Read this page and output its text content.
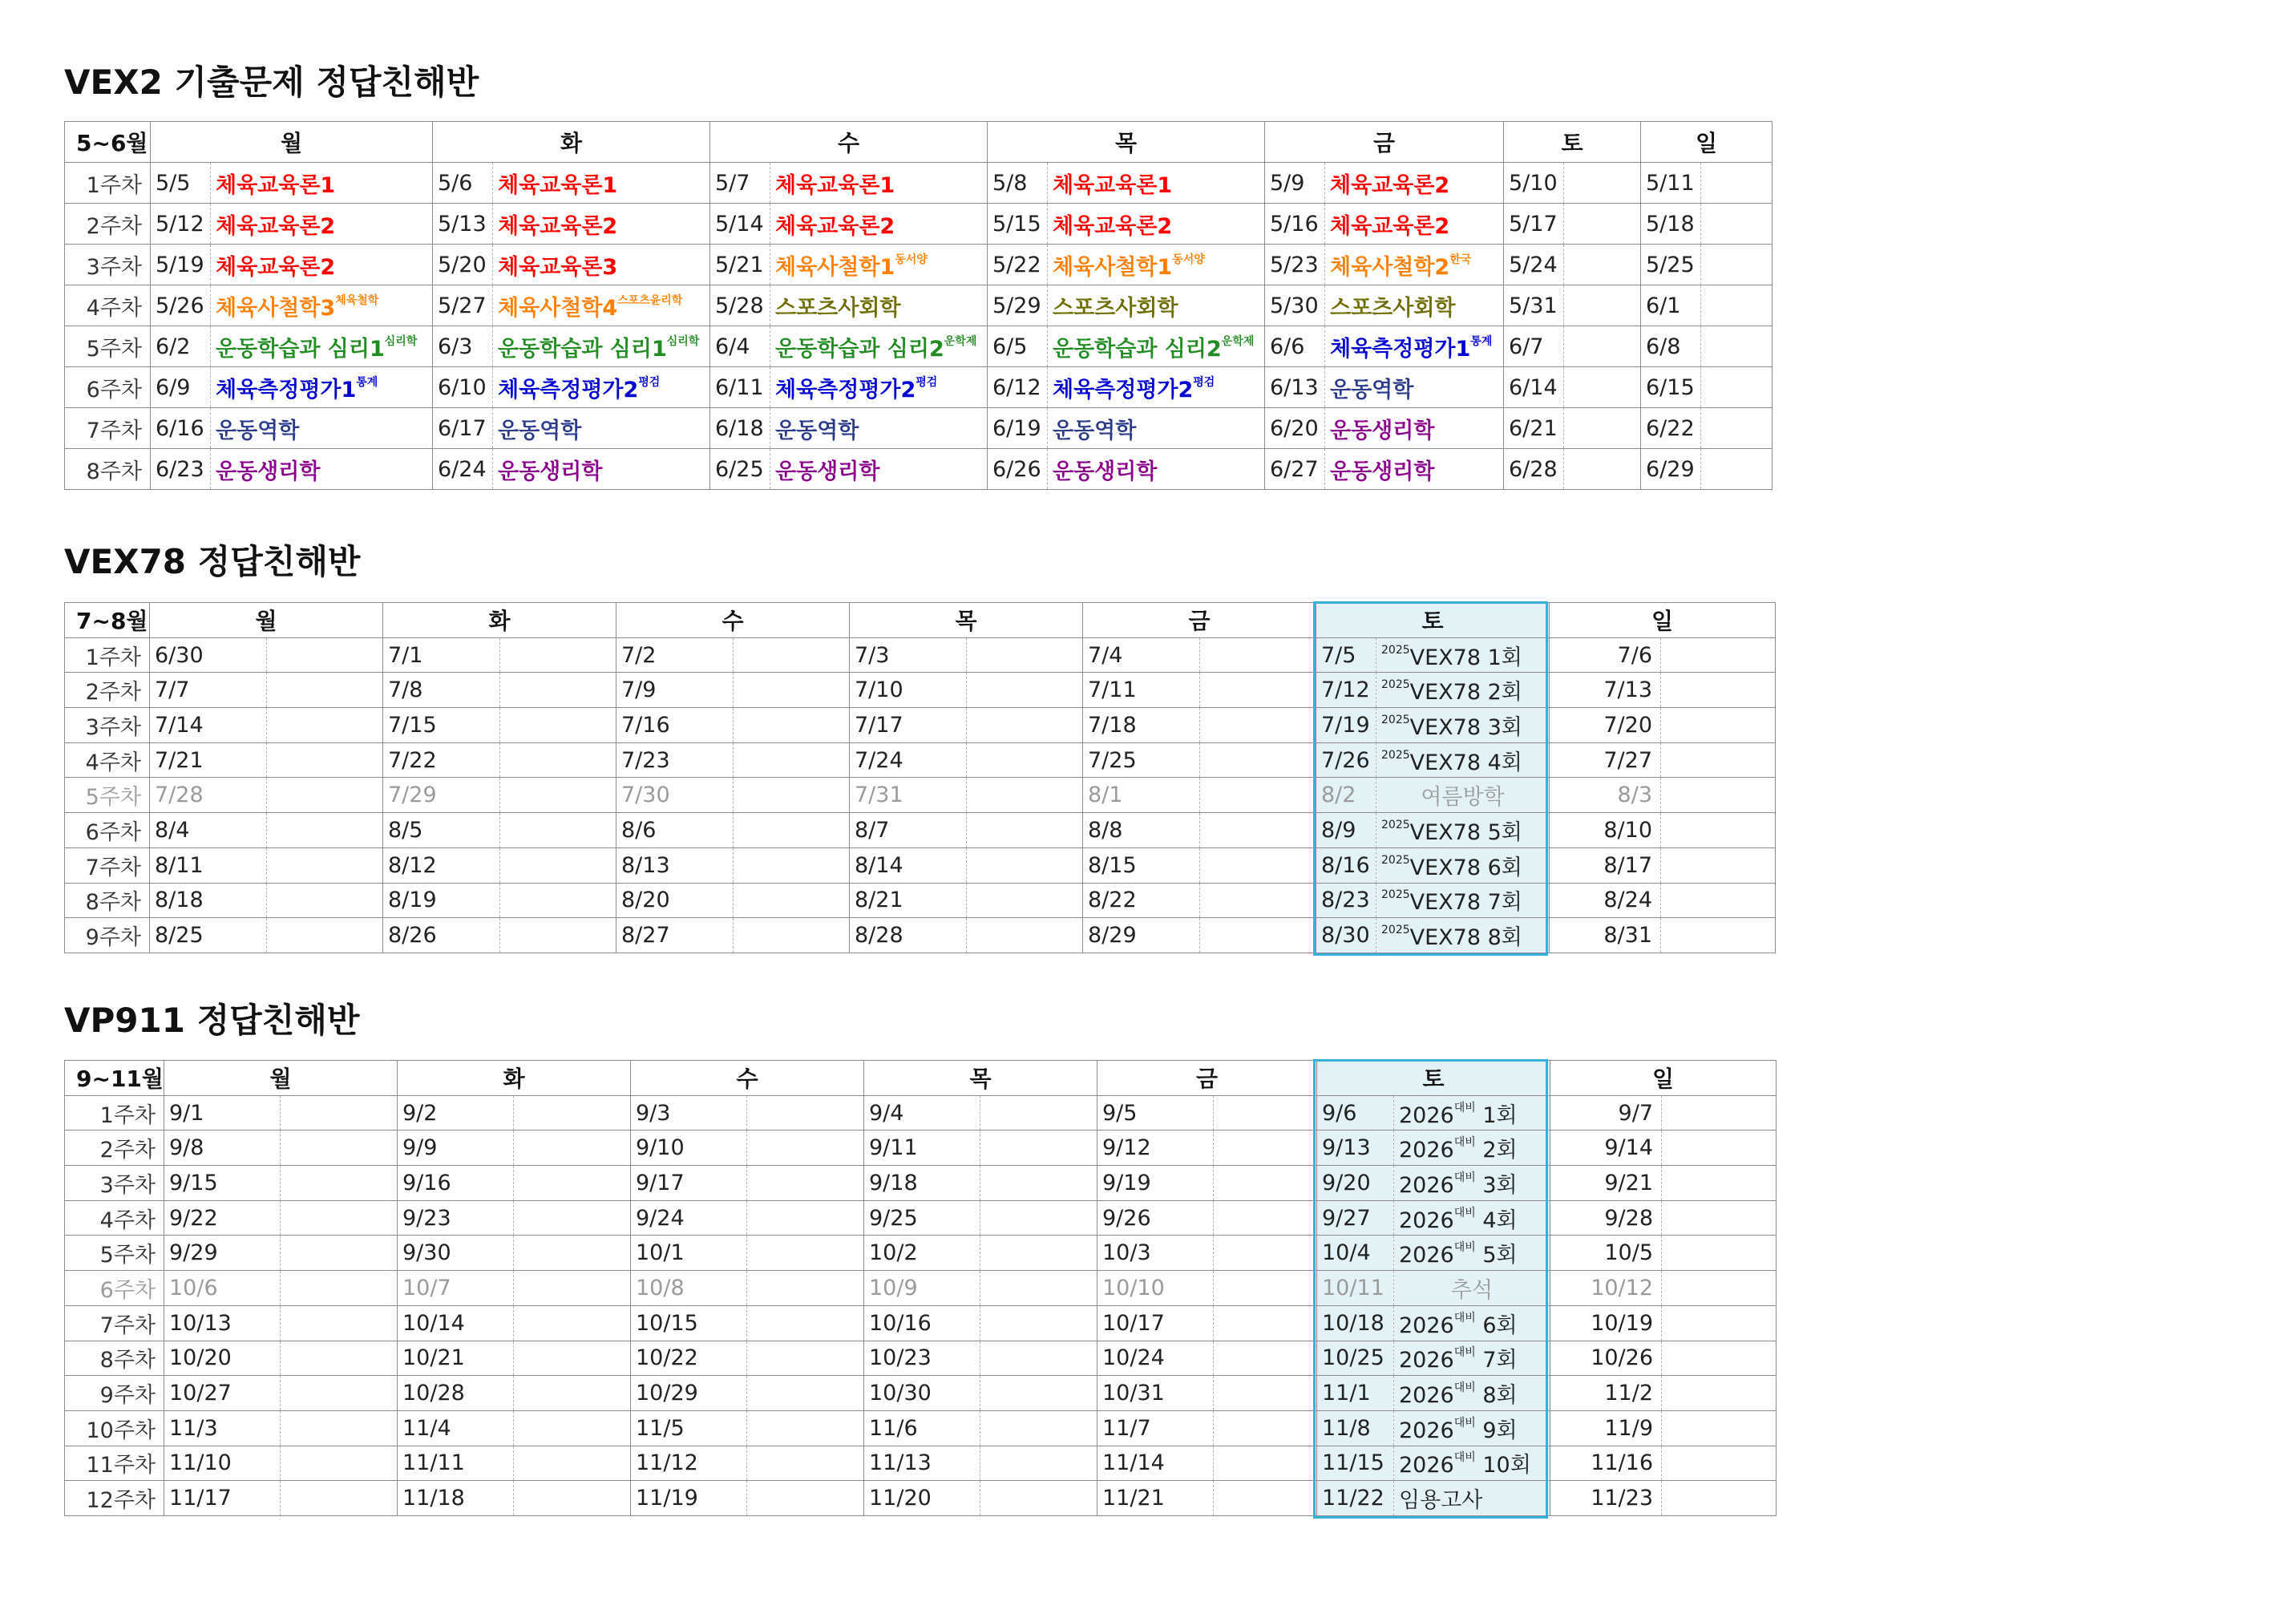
VEX2 기출문제 정답친해반
5~6월	월		화		수		목		금		토		일	
1주차	5/5	체육교육론1	5/6	체육교육론1	5/7	체육교육론1	5/8	체육교육론1	5/9	체육교육론2	5/10		5/11	
2주차	5/12	체육교육론2	5/13	체육교육론2	5/14	체육교육론2	5/15	체육교육론2	5/16	체육교육론2	5/17		5/18	
3주차	5/19	체육교육론2	5/20	체육교육론3	5/21	체육사철학$1^{동서양}$	5/22	체육사철학$1^{동서양}$	5/23	체육사철학$2^{한국}$	5/24		5/25	
4주차	5/26	체육사철학$3^{체육철학}$	5/27	체육사철학$4^{스포츠윤리학}$	5/28	스포츠사회학	5/29	스포츠사회학	5/30	스포츠사회학	5/31		6/1	
5주차	6/2	운동학습과 심리$1^{심리학}$	6/3	운동학습과 심리$1^{심리학}$	6/4	운동학습과 심리$2^{운학제}$	6/5	운동학습과 심리$2^{운학제}$	6/6	체육측정평가$1^{통계}$	6/7		6/8	
6주차	6/9	체육측정평가$1^{통계}$	6/10	체육측정평가$2^{평검}$	6/11	체육측정평가$2^{평검}$	6/12	체육측정평가$2^{평검}$	6/13	운동역학	6/14		6/15	
7주차	6/16	운동역학	6/17	운동역학	6/18	운동역학	6/19	운동역학	6/20	운동생리학	6/21		6/22	
8주차	6/23	운동생리학	6/24	운동생리학	6/25	운동생리학	6/26	운동생리학	6/27	운동생리학	6/28		6/29	
VEX78 정답친해반
7~8월	월		화		수		목		금		토		일	
1주차	6/30		7/1		7/2		7/3		7/4		7/5	$^{2025}$VEX78 1회	7/6	
2주차	7/7		7/8		7/9		7/10		7/11		7/12	$^{2025}$VEX78 2회	7/13	
3주차	7/14		7/15		7/16		7/17		7/18		7/19	$^{2025}$VEX78 3회	7/20	
4주차	7/21		7/22		7/23		7/24		7/25		7/26	$^{2025}$VEX78 4회	7/27	
5주차	7/28		7/29		7/30		7/31		8/1		8/2	여름방학	8/3	
6주차	8/4		8/5		8/6		8/7		8/8		8/9	$^{2025}$VEX78 5회	8/10	
7주차	8/11		8/12		8/13		8/14		8/15		8/16	$^{2025}$VEX78 6회	8/17	
8주차	8/18		8/19		8/20		8/21		8/22		8/23	$^{2025}$VEX78 7회	8/24	
9주차	8/25		8/26		8/27		8/28		8/29		8/30	$^{2025}$VEX78 8회	8/31	
VP911 정답친해반
9~11월	월		화		수		목		금		토		일	
1주차	9/1		9/2		9/3		9/4		9/5		9/6	$2026^{대비}$ 1회	9/7	
2주차	9/8		9/9		9/10		9/11		9/12		9/13	$2026^{대비}$ 2회	9/14	
3주차	9/15		9/16		9/17		9/18		9/19		9/20	$2026^{대비}$ 3회	9/21	
4주차	9/22		9/23		9/24		9/25		9/26		9/27	$2026^{대비}$ 4회	9/28	
5주차	9/29		9/30		10/1		10/2		10/3		10/4	$2026^{대비}$ 5회	10/5	
6주차	10/6		10/7		10/8		10/9		10/10		10/11	추석	10/12	
7주차	10/13		10/14		10/15		10/16		10/17		10/18	$2026^{대비}$ 6회	10/19	
8주차	10/20		10/21		10/22		10/23		10/24		10/25	$2026^{대비}$ 7회	10/26	
9주차	10/27		10/28		10/29		10/30		10/31		11/1	$2026^{대비}$ 8회	11/2	
10주차	11/3		11/4		11/5		11/6		11/7		11/8	$2026^{대비}$ 9회	11/9	
11주차	11/10		11/11		11/12		11/13		11/14		11/15	$2026^{대비}$ 10회	11/16	
12주차	11/17		11/18		11/19		11/20		11/21		11/22	임용고사	11/23	
